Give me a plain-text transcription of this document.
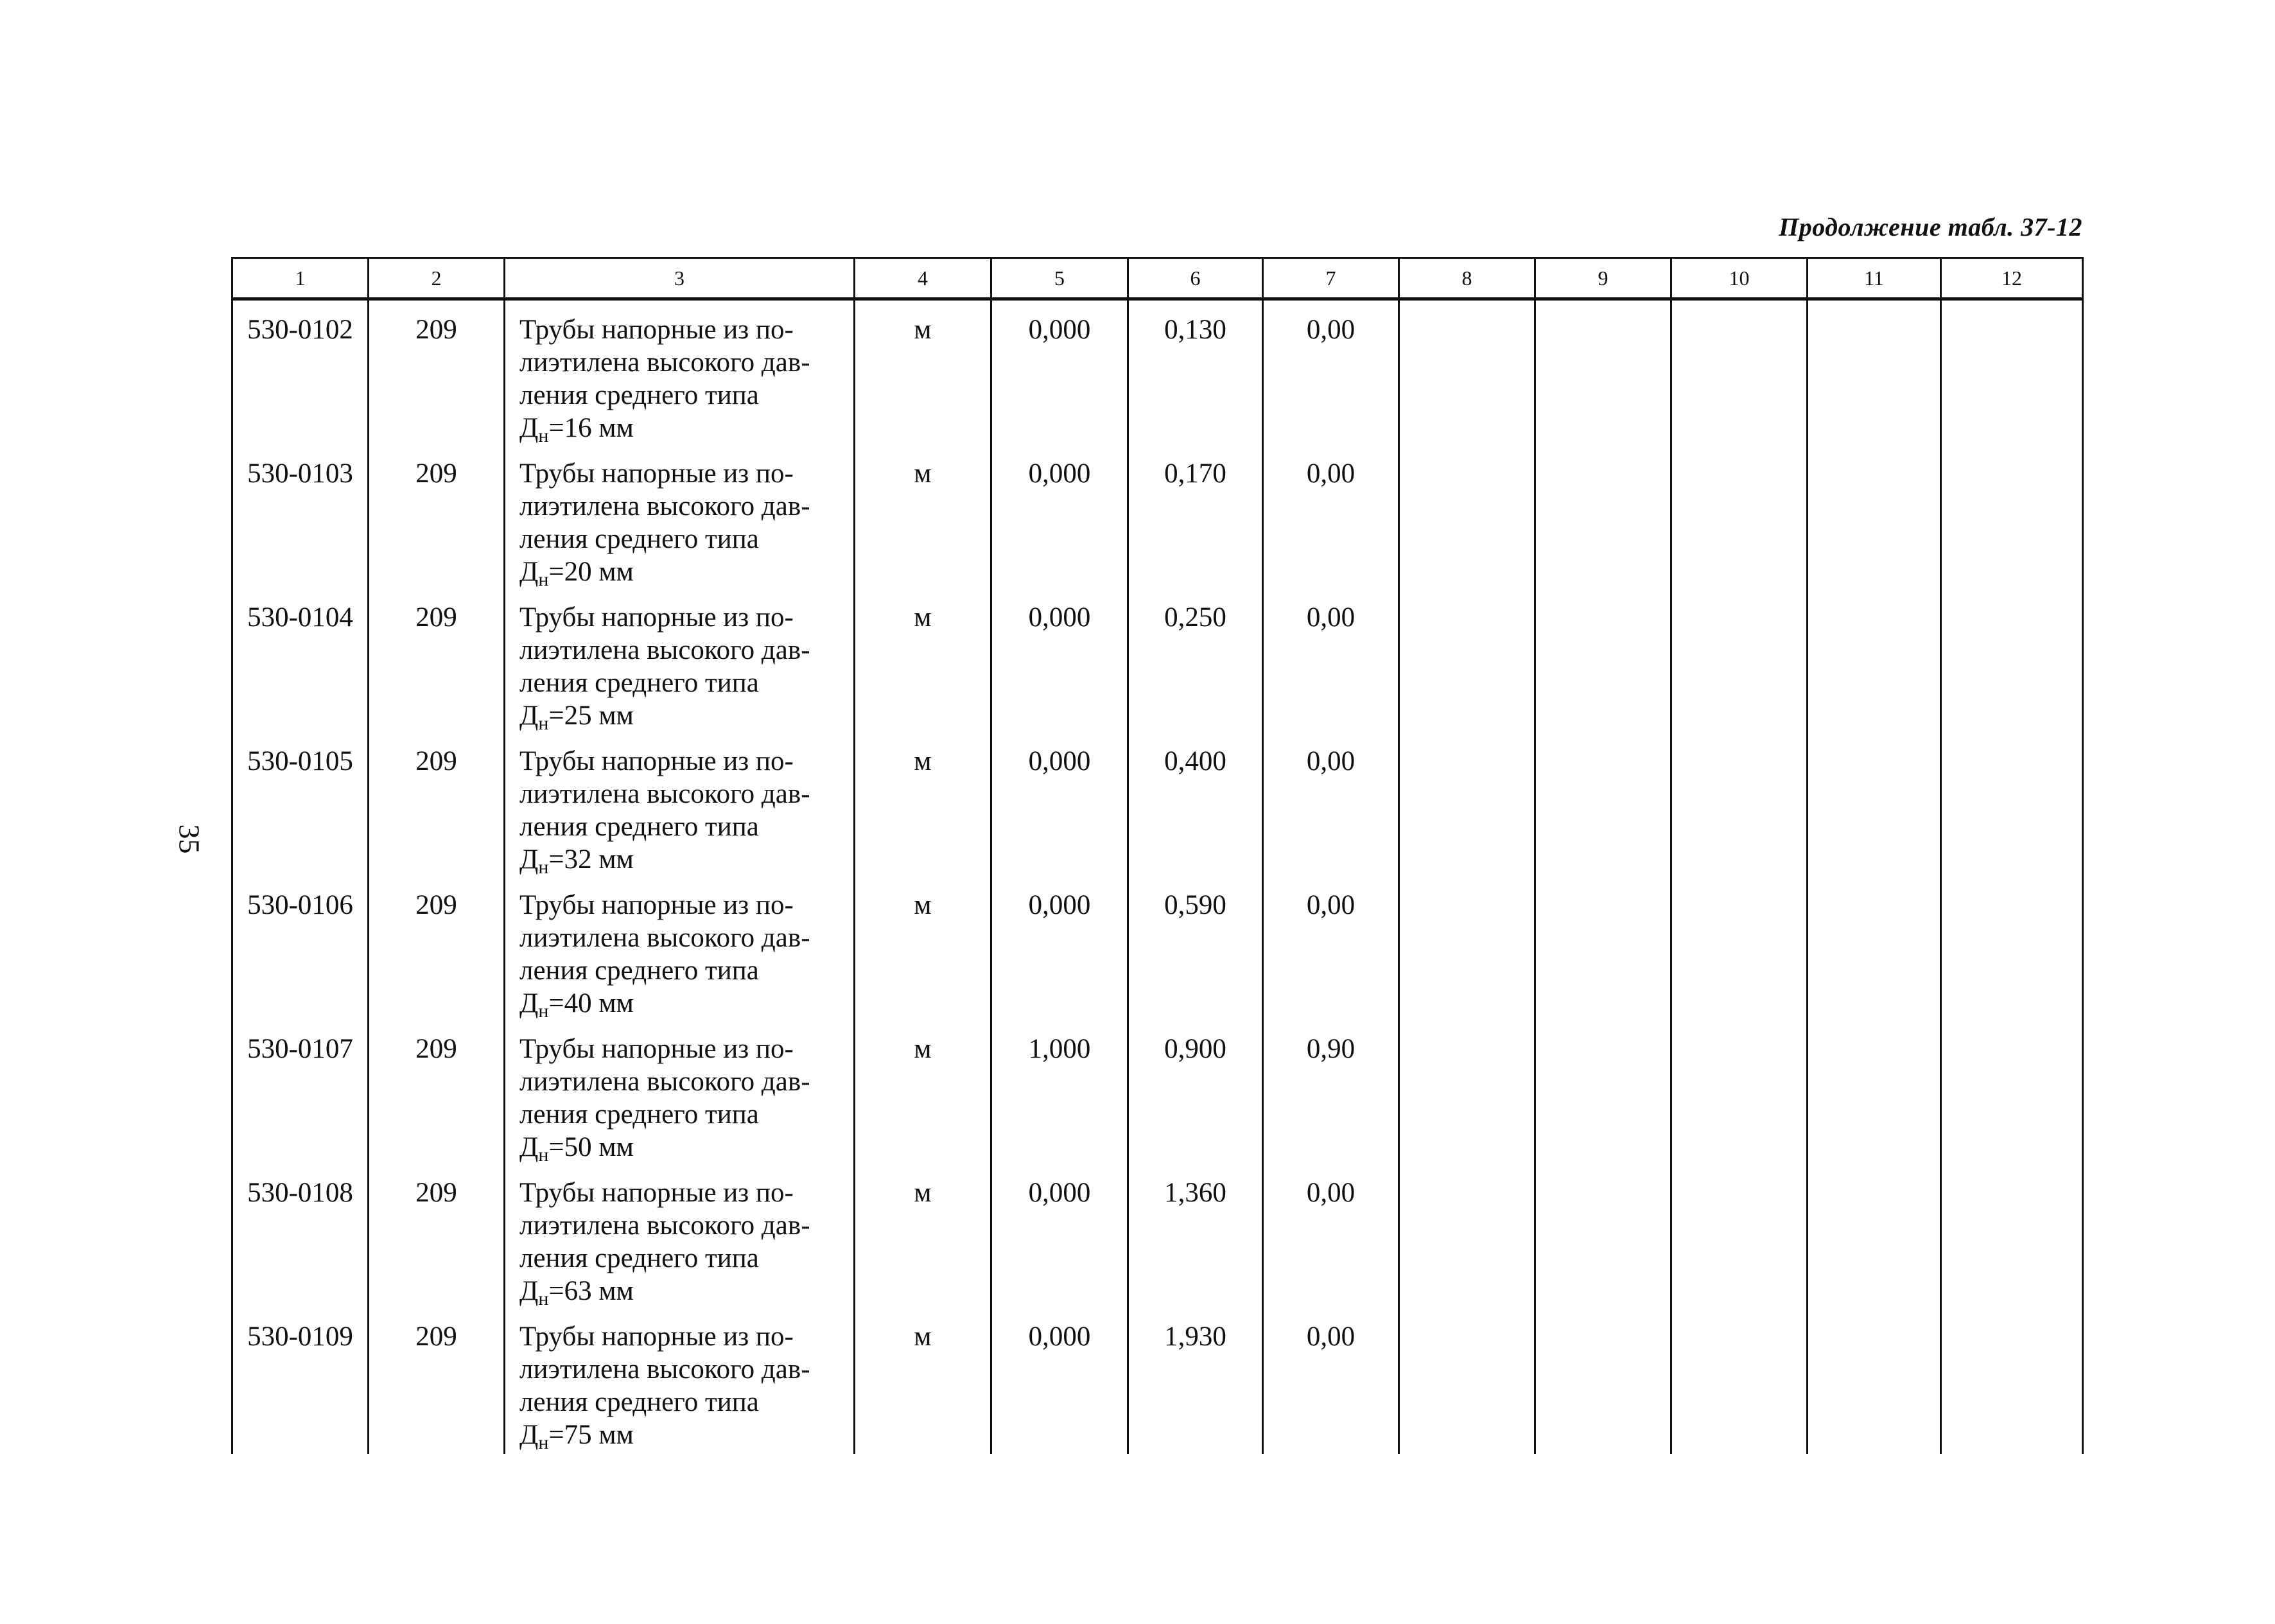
Продолжение табл. 37-12
35
1	2	3	4	5	6	7	8	9	10	11	12
530-0102	209	Трубы напорные из по-
лиэтилена высокого дав-
ления среднего типа
$Д_н=16$ мм	м	0,000	0,130	0,00					
530-0103	209	Трубы напорные из по-
лиэтилена высокого дав-
ления среднего типа
$Д_н=20$ мм	м	0,000	0,170	0,00					
530-0104	209	Трубы напорные из по-
лиэтилена высокого дав-
ления среднего типа
$Д_н=25$ мм	м	0,000	0,250	0,00					
530-0105	209	Трубы напорные из по-
лиэтилена высокого дав-
ления среднего типа
$Д_н=32$ мм	м	0,000	0,400	0,00					
530-0106	209	Трубы напорные из по-
лиэтилена высокого дав-
ления среднего типа
$Д_н=40$ мм	м	0,000	0,590	0,00					
530-0107	209	Трубы напорные из по-
лиэтилена высокого дав-
ления среднего типа
$Д_н=50$ мм	м	1,000	0,900	0,90					
530-0108	209	Трубы напорные из по-
лиэтилена высокого дав-
ления среднего типа
$Д_н=63$ мм	м	0,000	1,360	0,00					
530-0109	209	Трубы напорные из по-
лиэтилена высокого дав-
ления среднего типа
$Д_н=75$ мм	м	0,000	1,930	0,00					
